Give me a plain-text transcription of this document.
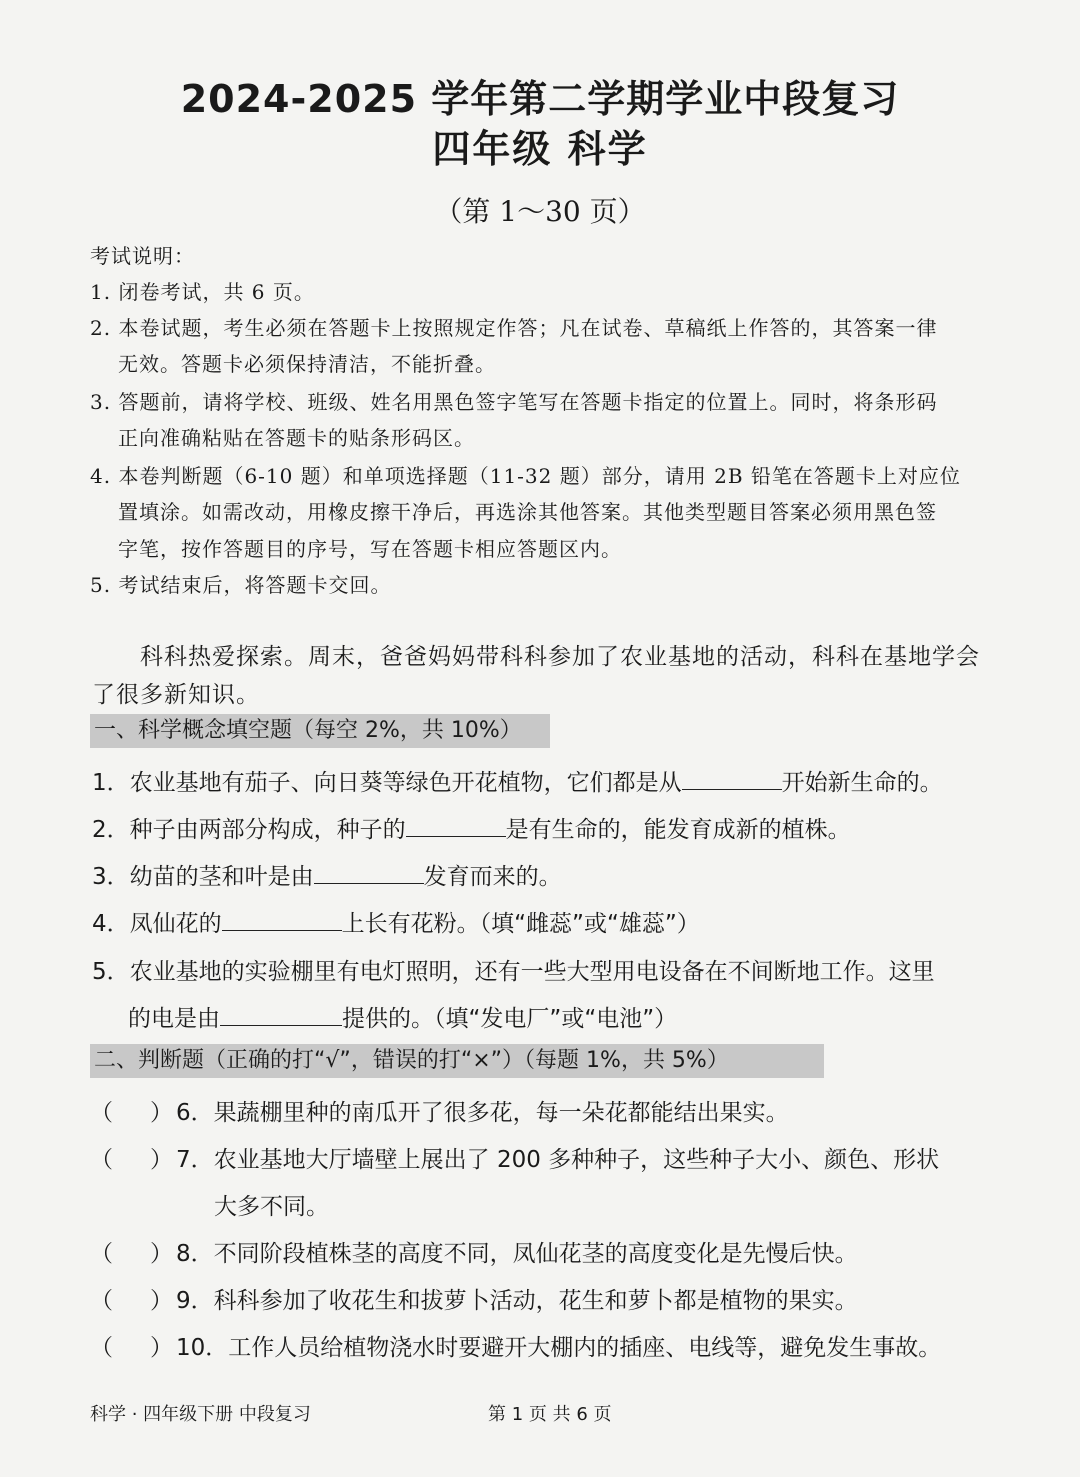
2024-2025 学年第二学期学业中段复习
四年级 科学
（第 1～30 页）
考试说明：
1. 闭卷考试，共 6 页。
2. 本卷试题，考生必须在答题卡上按照规定作答；凡在试卷、草稿纸上作答的，其答案一律
无效。答题卡必须保持清洁，不能折叠。
3. 答题前，请将学校、班级、姓名用黑色签字笔写在答题卡指定的位置上。同时，将条形码
正向准确粘贴在答题卡的贴条形码区。
4. 本卷判断题（6-10 题）和单项选择题（11-32 题）部分，请用 2B 铅笔在答题卡上对应位
置填涂。如需改动，用橡皮擦干净后，再选涂其他答案。其他类型题目答案必须用黑色签
字笔，按作答题目的序号，写在答题卡相应答题区内。
5. 考试结束后，将答题卡交回。
科科热爱探索。周末，爸爸妈妈带科科参加了农业基地的活动，科科在基地学会
了很多新知识。
一、科学概念填空题（每空 2%，共 10%）
1．农业基地有茄子、向日葵等绿色开花植物，它们都是从	开始新生命的。
2．种子由两部分构成，种子的	是有生命的，能发育成新的植株。
3．幼苗的茎和叶是由	发育而来的。
4．凤仙花的	上长有花粉。（填“雌蕊”或“雄蕊”）
5．农业基地的实验棚里有电灯照明，还有一些大型用电设备在不间断地工作。这里
的电是由	提供的。（填“发电厂”或“电池”）
二、判断题（正确的打“√”，错误的打“×”）（每题 1%，共 5%）
（ ） 6．果蔬棚里种的南瓜开了很多花，每一朵花都能结出果实。
（ ） 7．农业基地大厅墙壁上展出了 200 多种种子，这些种子大小、颜色、形状
大多不同。
（ ） 8．不同阶段植株茎的高度不同，凤仙花茎的高度变化是先慢后快。
（ ） 9．科科参加了收花生和拔萝卜活动，花生和萝卜都是植物的果实。
（ ） 10．工作人员给植物浇水时要避开大棚内的插座、电线等，避免发生事故。
科学 · 四年级下册 中段复习	第 1 页 共 6 页
